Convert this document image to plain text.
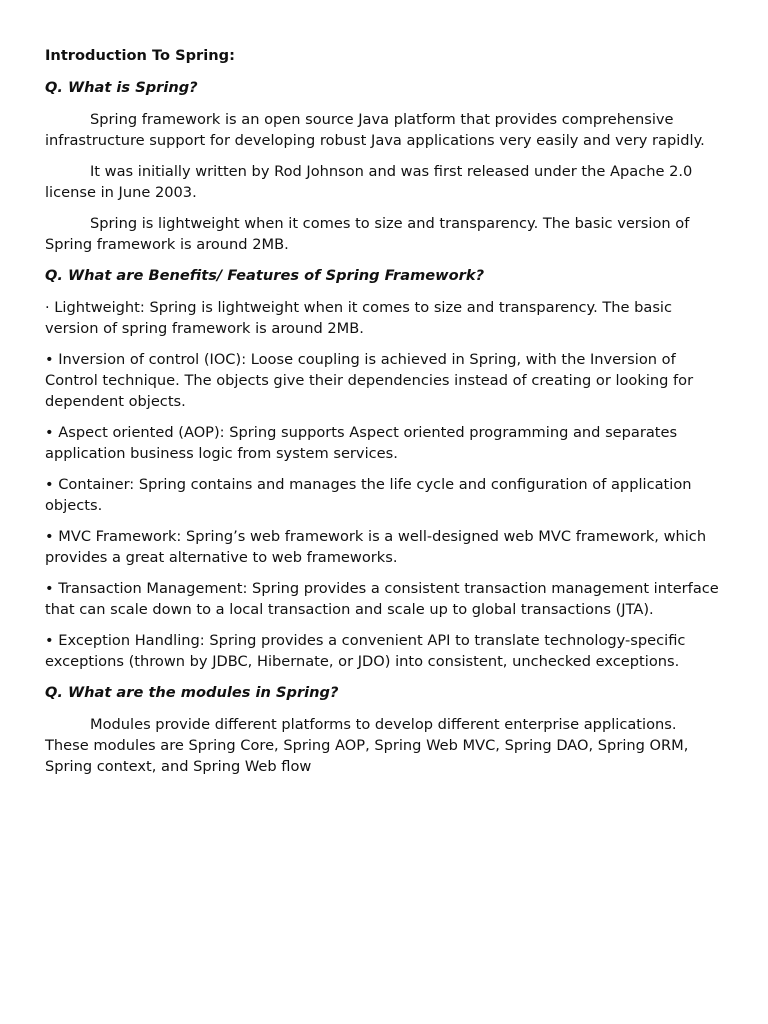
Introduction To Spring:

Q. What is Spring?

Spring framework is an open source Java platform that provides comprehensive infrastructure support for developing robust Java applications very easily and very rapidly.

It was initially written by Rod Johnson and was first released under the Apache 2.0 license in June 2003.

Spring is lightweight when it comes to size and transparency. The basic version of Spring framework is around 2MB.

Q. What are Benefits/ Features of Spring Framework?

· Lightweight: Spring is lightweight when it comes to size and transparency. The basic version of spring framework is around 2MB.

• Inversion of control (IOC): Loose coupling is achieved in Spring, with the Inversion of Control technique. The objects give their dependencies instead of creating or looking for dependent objects.

• Aspect oriented (AOP): Spring supports Aspect oriented programming and separates application business logic from system services.

• Container: Spring contains and manages the life cycle and configuration of application objects.

• MVC Framework: Spring’s web framework is a well-designed web MVC framework, which provides a great alternative to web frameworks.

• Transaction Management: Spring provides a consistent transaction management interface that can scale down to a local transaction and scale up to global transactions (JTA).

• Exception Handling: Spring provides a convenient API to translate technology-specific exceptions (thrown by JDBC, Hibernate, or JDO) into consistent, unchecked exceptions.

Q. What are the modules in Spring?

Modules provide different platforms to develop different enterprise applications. These modules are Spring Core, Spring AOP, Spring Web MVC, Spring DAO, Spring ORM, Spring context, and Spring Web flow
